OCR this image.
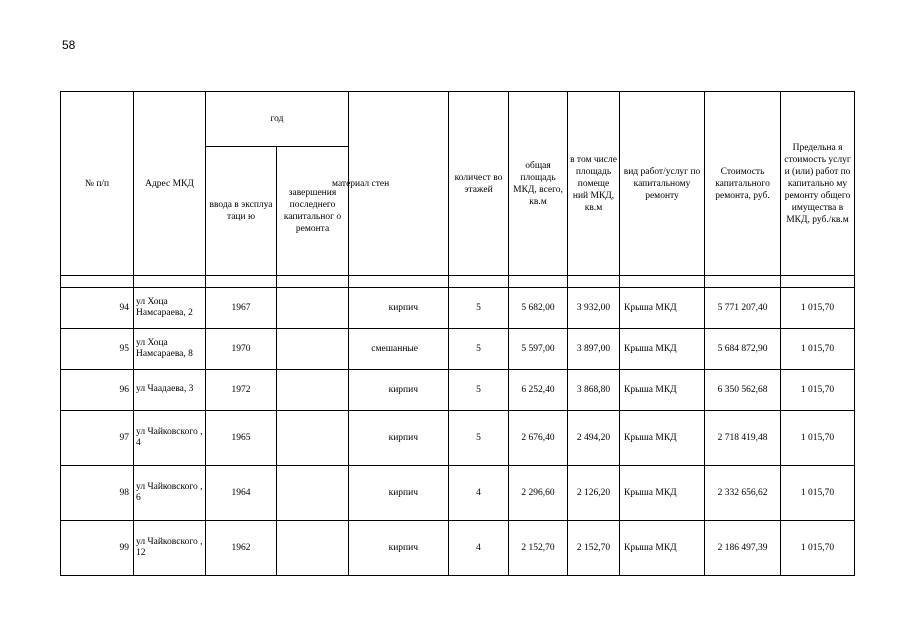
58
№ п/п	Адрес МКД	год		материал стен	количест во этажей	общая площадь МКД, всего, кв.м	в том числе площадь помеще ний МКД, кв.м	вид работ/услуг по капитальному ремонту	Стоимость капитального ремонта, руб.	Предельна я стоимость услуг и (или) работ по капитально му ремонту общего имущества в МКД, руб./кв.м
		ввода в эксплуатаци ю	завершения последнего капитальног о ремонта							

94	ул Хоца Намсараева, 2	1967		кирпич	5	5 682,00	3 932,00	Крыша МКД	5 771 207,40	1 015,70
95	ул Хоца Намсараева, 8	1970		смешанные	5	5 597,00	3 897,00	Крыша МКД	5 684 872,90	1 015,70
96	ул Чаадаева, 3	1972		кирпич	5	6 252,40	3 868,80	Крыша МКД	6 350 562,68	1 015,70
97	ул Чайковского , 4	1965		кирпич	5	2 676,40	2 494,20	Крыша МКД	2 718 419,48	1 015,70
98	ул Чайковского , 6	1964		кирпич	4	2 296,60	2 126,20	Крыша МКД	2 332 656,62	1 015,70
99	ул Чайковского , 12	1962		кирпич	4	2 152,70	2 152,70	Крыша МКД	2 186 497,39	1 015,70
